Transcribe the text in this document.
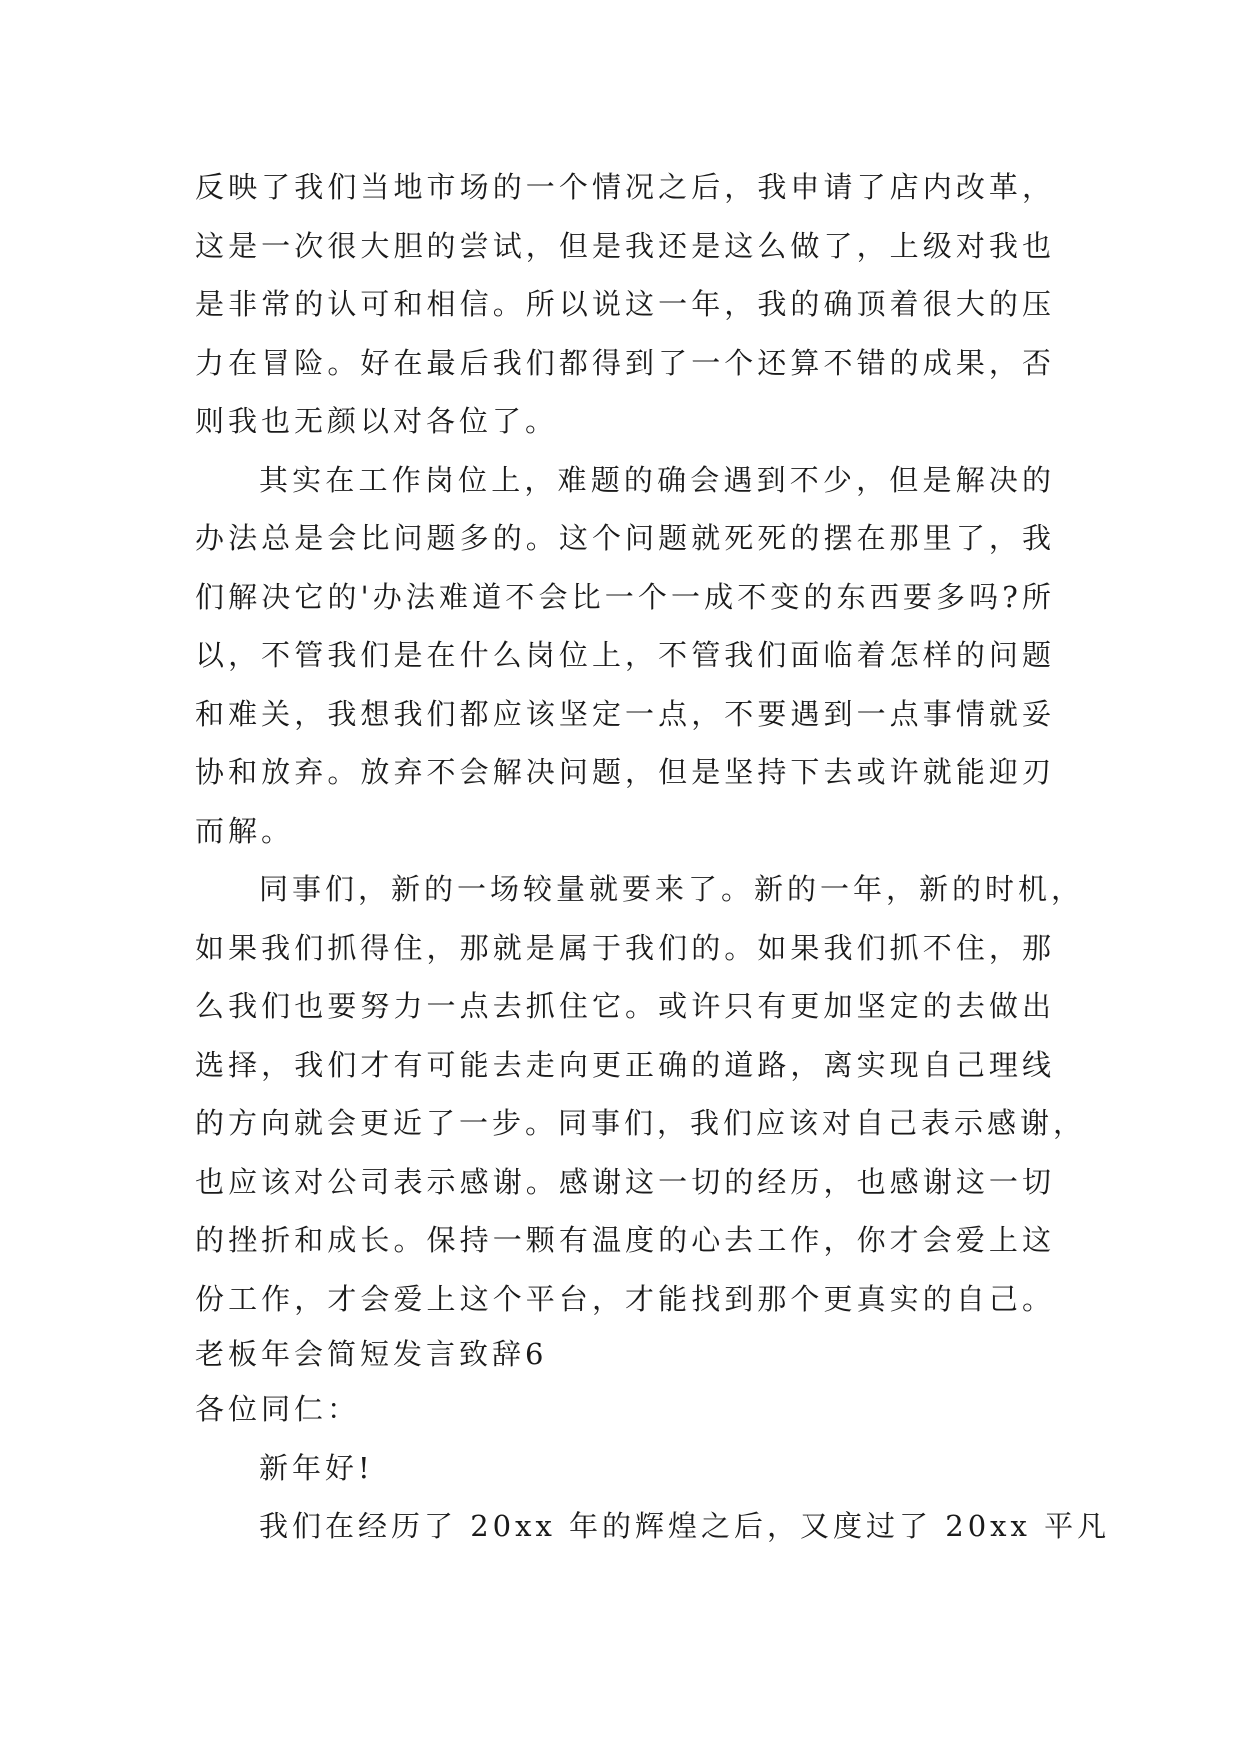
反映了我们当地市场的一个情况之后，我申请了店内改革，
这是一次很大胆的尝试，但是我还是这么做了，上级对我也
是非常的认可和相信。所以说这一年，我的确顶着很大的压
力在冒险。好在最后我们都得到了一个还算不错的成果，否
则我也无颜以对各位了。
其实在工作岗位上，难题的确会遇到不少，但是解决的
办法总是会比问题多的。这个问题就死死的摆在那里了，我
们解决它的'办法难道不会比一个一成不变的东西要多吗?所
以，不管我们是在什么岗位上，不管我们面临着怎样的问题
和难关，我想我们都应该坚定一点，不要遇到一点事情就妥
协和放弃。放弃不会解决问题，但是坚持下去或许就能迎刃
而解。
同事们，新的一场较量就要来了。新的一年，新的时机，
如果我们抓得住，那就是属于我们的。如果我们抓不住，那
么我们也要努力一点去抓住它。或许只有更加坚定的去做出
选择，我们才有可能去走向更正确的道路，离实现自己理线
的方向就会更近了一步。同事们，我们应该对自己表示感谢，
也应该对公司表示感谢。感谢这一切的经历，也感谢这一切
的挫折和成长。保持一颗有温度的心去工作，你才会爱上这
份工作，才会爱上这个平台，才能找到那个更真实的自己。
老板年会简短发言致辞6
各位同仁：
新年好!
我们在经历了 20xx 年的辉煌之后，又度过了 20xx 平凡
